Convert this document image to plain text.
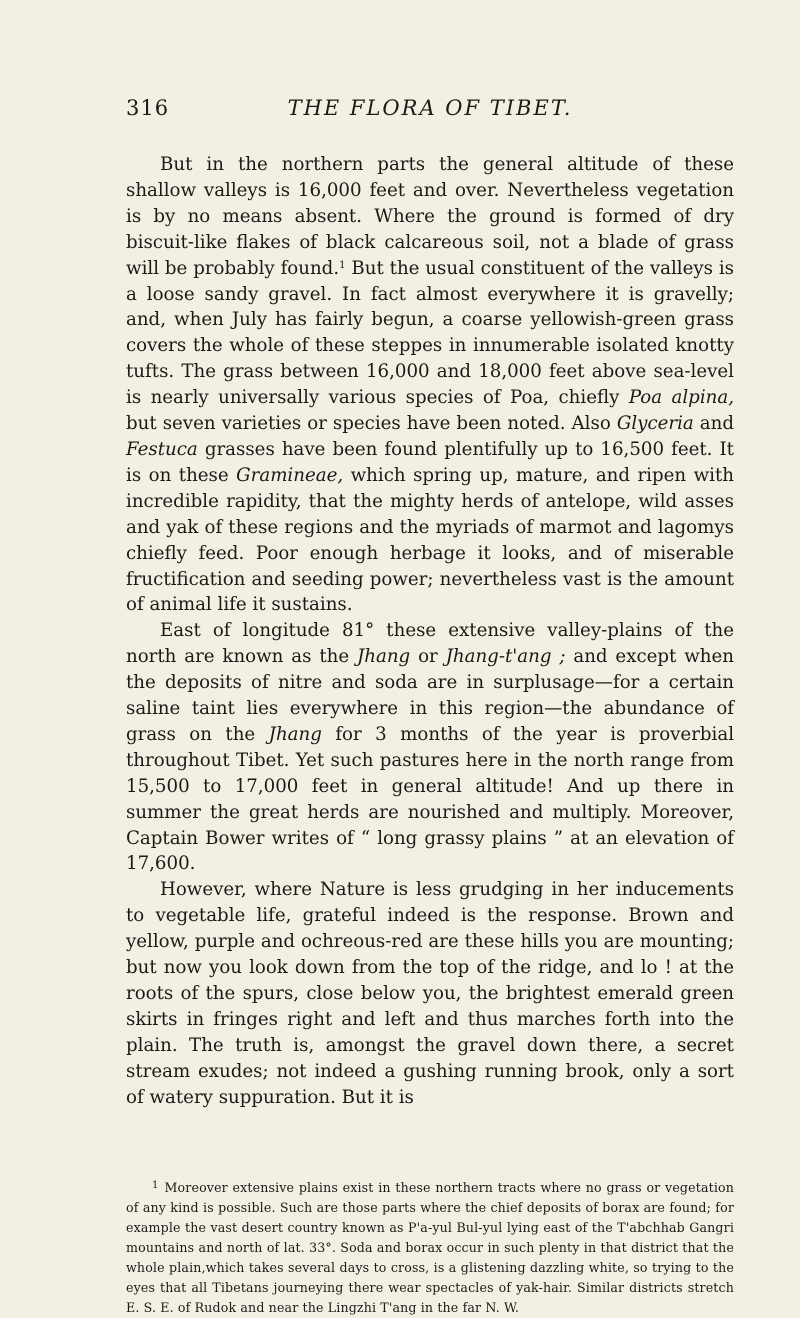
316	THE FLORA OF TIBET.

But in the northern parts the general altitude of these shallow valleys is 16,000 feet and over. Nevertheless vegetation is by no means absent. Where the ground is formed of dry biscuit-like flakes of black calcareous soil, not a blade of grass will be probably found.$^1$ But the usual constituent of the valleys is a loose sandy gravel. In fact almost everywhere it is gravelly; and, when July has fairly begun, a coarse yellowish-green grass covers the whole of these steppes in innumerable isolated knotty tufts. The grass between 16,000 and 18,000 feet above sea-level is nearly universally various species of Poa, chiefly Poa alpina, but seven varieties or species have been noted. Also Glyceria and Festuca grasses have been found plentifully up to 16,500 feet. It is on these Gramineae, which spring up, mature, and ripen with incredible rapidity, that the mighty herds of antelope, wild asses and yak of these regions and the myriads of marmot and lagomys chiefly feed. Poor enough herbage it looks, and of miserable fructification and seeding power; nevertheless vast is the amount of animal life it sustains.

East of longitude 81° these extensive valley-plains of the north are known as the Jhang or Jhang-t'ang ; and except when the deposits of nitre and soda are in surplusage—for a certain saline taint lies everywhere in this region—the abundance of grass on the Jhang for 3 months of the year is proverbial throughout Tibet. Yet such pastures here in the north range from 15,500 to 17,000 feet in general altitude! And up there in summer the great herds are nourished and multiply. Moreover, Captain Bower writes of “ long grassy plains ” at an elevation of 17,600.

However, where Nature is less grudging in her inducements to vegetable life, grateful indeed is the response. Brown and yellow, purple and ochreous-red are these hills you are mounting; but now you look down from the top of the ridge, and lo ! at the roots of the spurs, close below you, the brightest emerald green skirts in fringes right and left and thus marches forth into the plain. The truth is, amongst the gravel down there, a secret stream exudes; not indeed a gushing running brook, only a sort of watery suppuration. But it is

$^1$ Moreover extensive plains exist in these northern tracts where no grass or vegetation of any kind is possible. Such are those parts where the chief deposits of borax are found; for example the vast desert country known as P'a-yul Bul-yul lying east of the T'abchhab Gangri mountains and north of lat. 33°. Soda and borax occur in such plenty in that district that the whole plain,which takes several days to cross, is a glistening dazzling white, so trying to the eyes that all Tibetans journeying there wear spectacles of yak-hair. Similar districts stretch E. S. E. of Rudok and near the Lingzhi T'ang in the far N. W.
